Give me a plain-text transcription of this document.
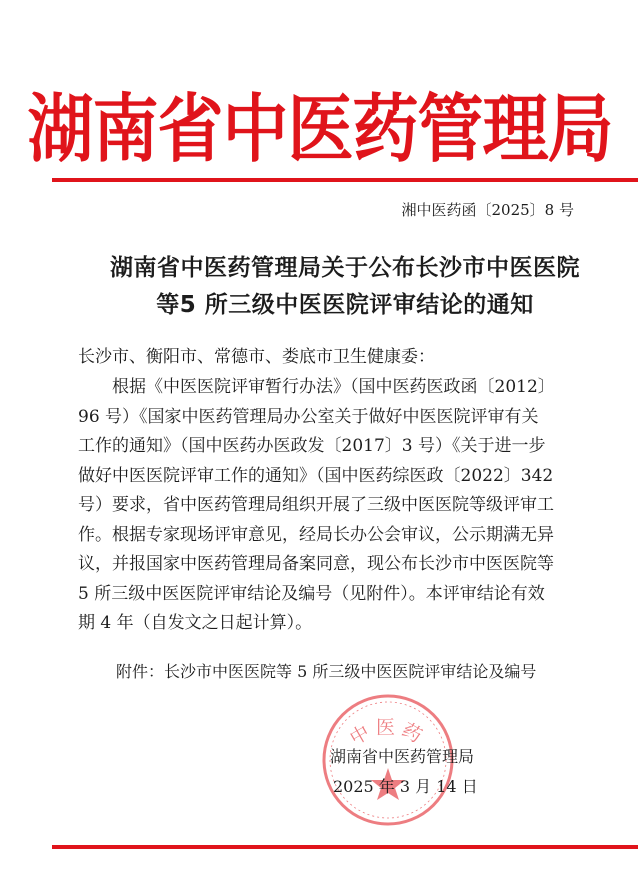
湖南省中医药管理局
湘中医药函〔2025〕8 号
湖南省中医药管理局关于公布长沙市中医医院
等5 所三级中医医院评审结论的通知
长沙市、衡阳市、常德市、娄底市卫生健康委：
　　根据《中医医院评审暂行办法》（国中医药医政函〔2012〕
96 号）《国家中医药管理局办公室关于做好中医医院评审有关
工作的通知》（国中医药办医政发〔2017〕3 号）《关于进一步
做好中医医院评审工作的通知》（国中医药综医政〔2022〕342
号）要求，省中医药管理局组织开展了三级中医医院等级评审工
作。根据专家现场评审意见，经局长办公会审议，公示期满无异
议，并报国家中医药管理局备案同意，现公布长沙市中医医院等
5 所三级中医医院评审结论及编号（见附件）。本评审结论有效
期 4 年（自发文之日起计算）。
附件：长沙市中医医院等 5 所三级中医医院评审结论及编号
中医药
湖南省中医药管理局
2025 年 3 月 14 日
